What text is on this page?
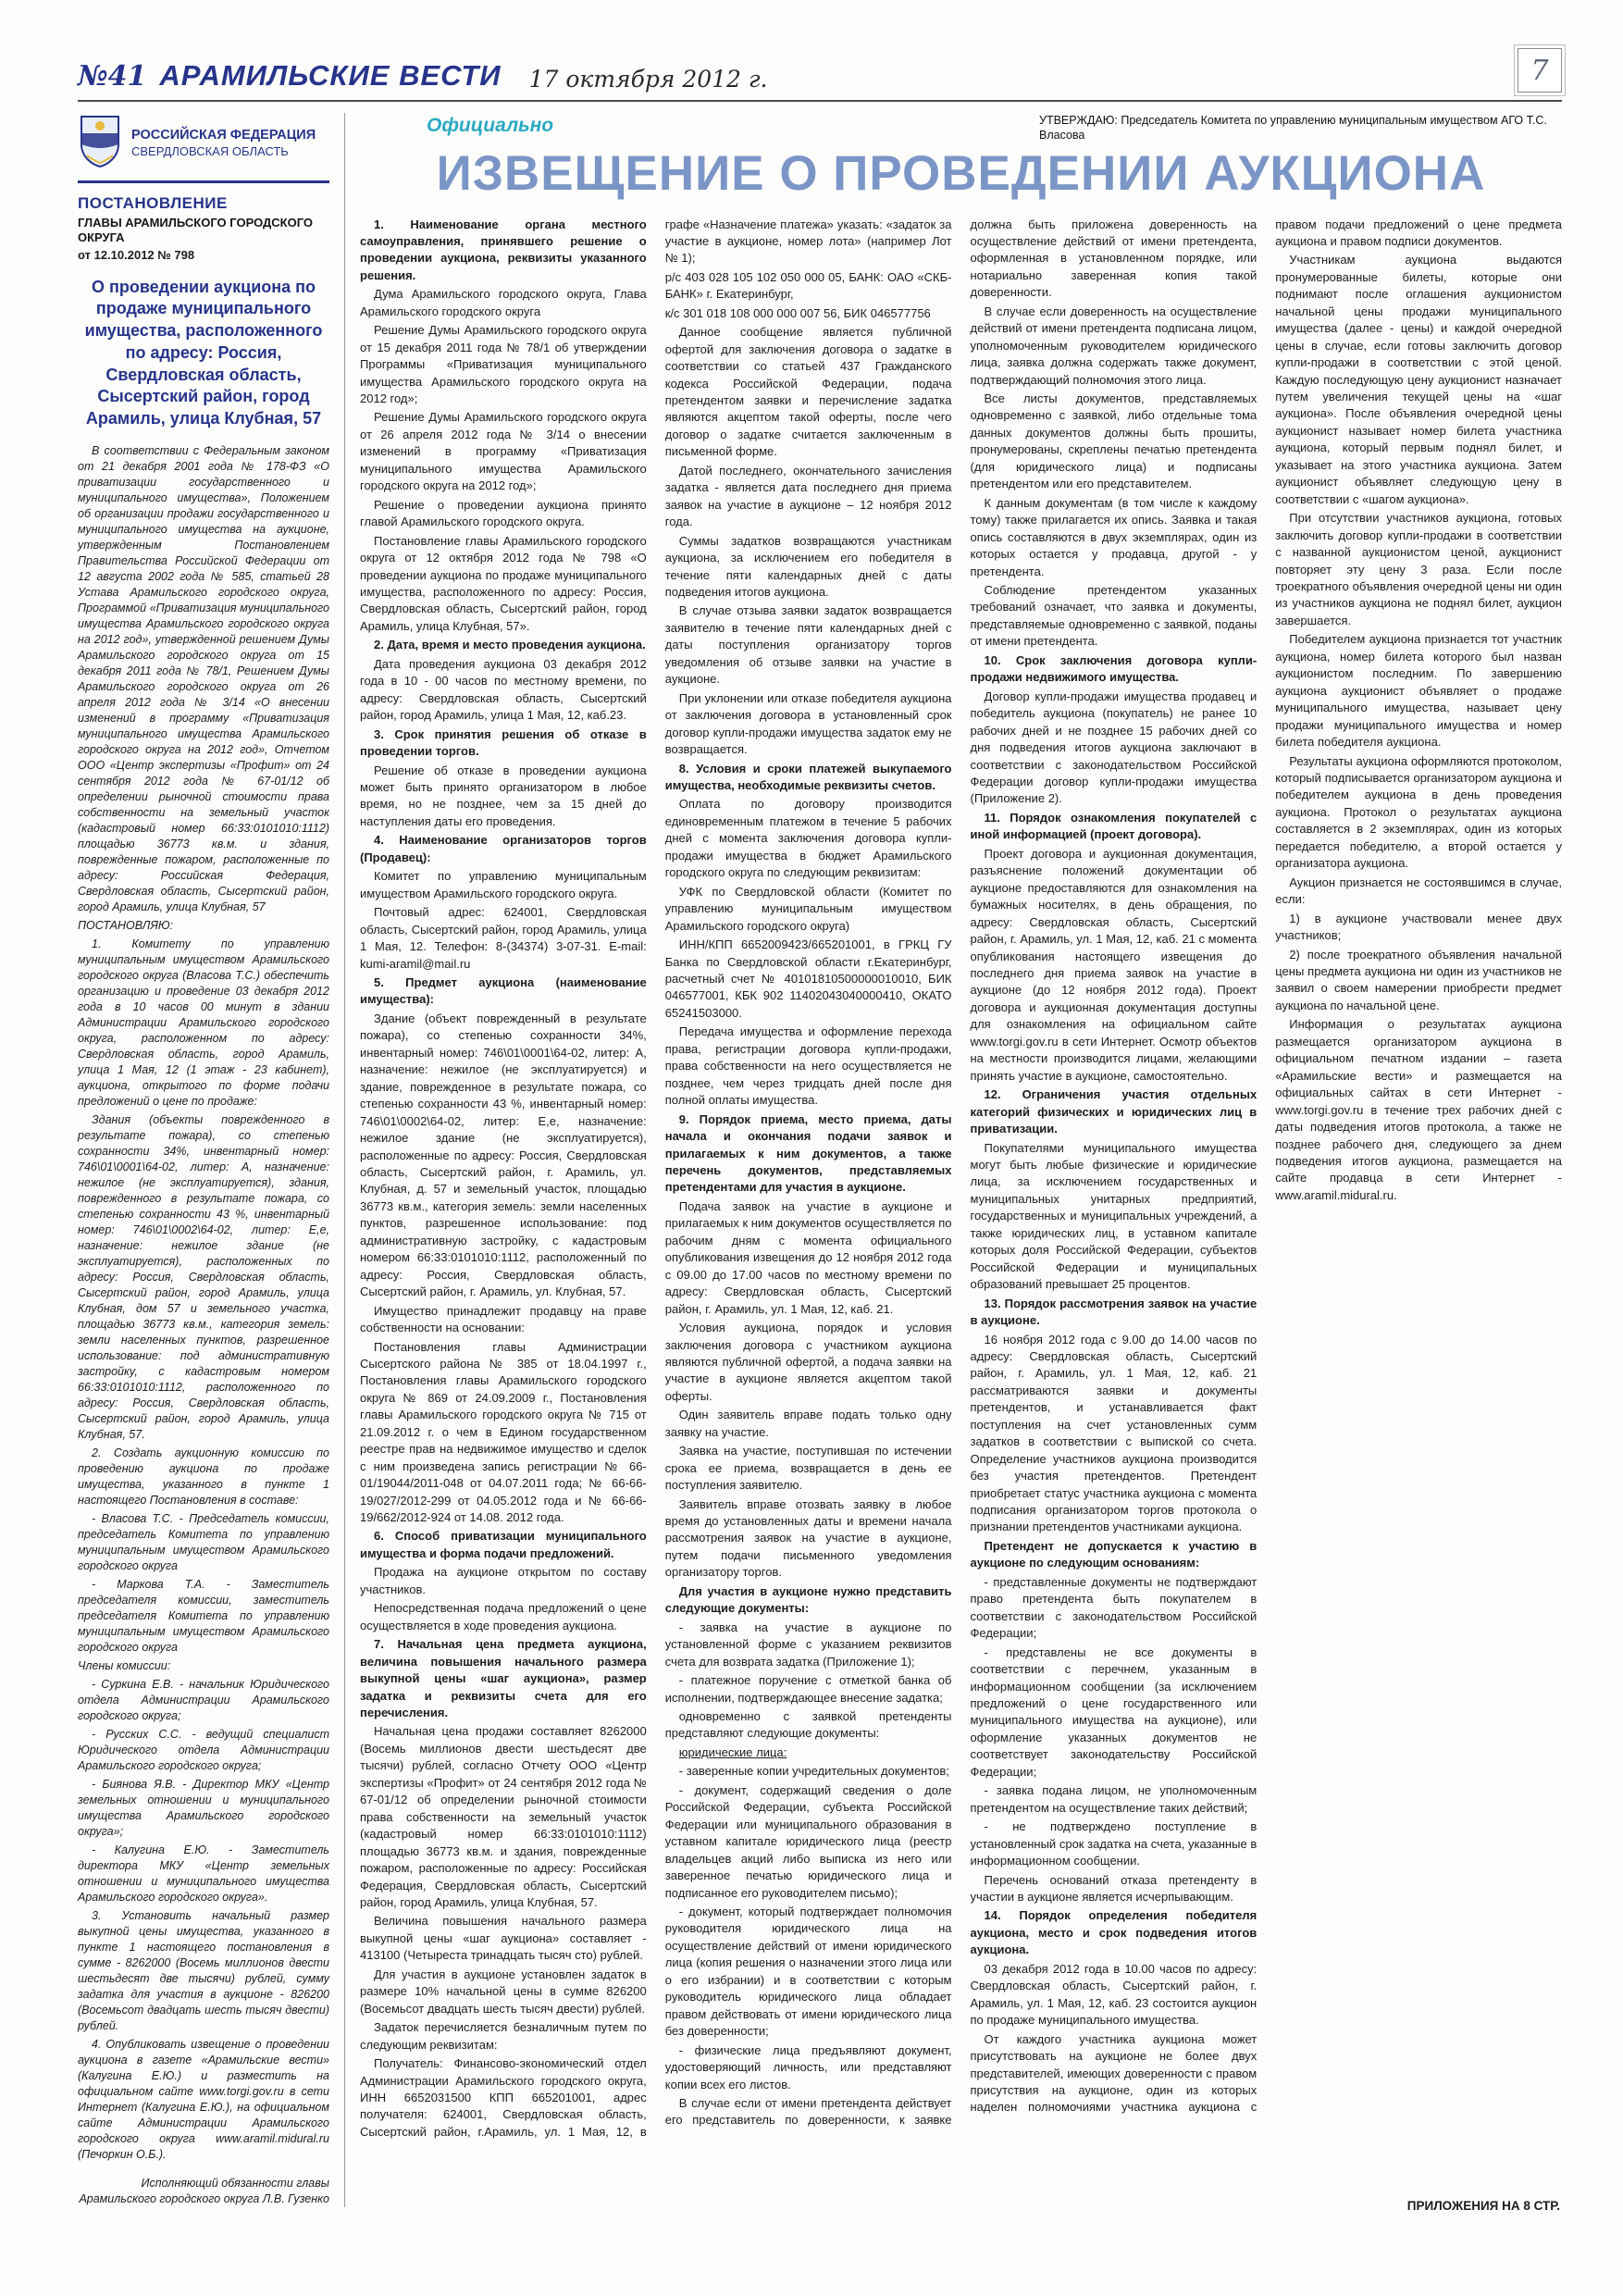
№41 АРАМИЛЬСКИЕ ВЕСТИ 17 октября 2012 г.	7
РОССИЙСКАЯ ФЕДЕРАЦИЯ
СВЕРДЛОВСКАЯ ОБЛАСТЬ
ПОСТАНОВЛЕНИЕ
ГЛАВЫ АРАМИЛЬСКОГО ГОРОДСКОГО ОКРУГА
от 12.10.2012 № 798
О проведении аукциона по продаже муниципального имущества, расположенного по адресу: Россия, Свердловская область, Сысертский район, город Арамиль, улица Клубная, 57

В соответствии с Федеральным законом от 21 декабря 2001 года № 178-ФЗ «О приватизации государственного и муниципального имущества», Положением об организации продажи государственного и муниципального имущества на аукционе, утвержденным Постановлением Правительства Российской Федерации от 12 августа 2002 года № 585, статьей 28 Устава Арамильского городского округа, Программой «Приватизация муниципального имущества Арамильского городского округа на 2012 год», утвержденной решением Думы Арамильского городского округа от 15 декабря 2011 года № 78/1, Решением Думы Арамильского городского округа от 26 апреля 2012 года № 3/14 «О внесении изменений в программу «Приватизация муниципального имущества Арамильского городского округа на 2012 год», Отчетом ООО «Центр экспертизы «Профит» от 24 сентября 2012 года № 67-01/12 об определении рыночной стоимости права собственности на земельный участок (кадастровый номер 66:33:0101010:1112) площадью 36773 кв.м. и здания, поврежденные пожаром, расположенные по адресу: Российская Федерация, Свердловская область, Сысертский район, город Арамиль, улица Клубная, 57

ПОСТАНОВЛЯЮ:

1. Комитету по управлению муниципальным имуществом Арамильского городского округа (Власова Т.С.) обеспечить организацию и проведение 03 декабря 2012 года в 10 часов 00 минут в здании Администрации Арамильского городского округа, расположенном по адресу: Свердловская область, город Арамиль, улица 1 Мая, 12 (1 этаж - 23 кабинет), аукциона, открытого по форме подачи предложений о цене по продаже:

Здания (объекты поврежденного в результате пожара), со степенью сохранности 34%, инвентарный номер: 746\01\0001\64-02, литер: А, назначение: нежилое (не эксплуатируется), здания, поврежденного в результате пожара, со степенью сохранности 43 %, инвентарный номер: 746\01\0002\64-02, литер: Е,е, назначение: нежилое здание (не эксплуатируется), расположенных по адресу: Россия, Свердловская область, Сысертский район, город Арамиль, улица Клубная, дом 57 и земельного участка, площадью 36773 кв.м., категория земель: земли населенных пунктов, разрешенное использование: под административную застройку, с кадастровым номером 66:33:0101010:1112, расположенного по адресу: Россия, Свердловская область, Сысертский район, город Арамиль, улица Клубная, 57.

2. Создать аукционную комиссию по проведению аукциона по продаже имущества, указанного в пункте 1 настоящего Постановления в составе:

- Власова Т.С. - Председатель комиссии, председатель Комитета по управлению муниципальным имуществом Арамильского городского округа

- Маркова Т.А. - Заместитель председателя комиссии, заместитель председателя Комитета по управлению муниципальным имуществом Арамильского городского округа

Члены комиссии:

- Суркина Е.В. - начальник Юридического отдела Администрации Арамильского городского округа;

- Русских С.С. - ведущий специалист Юридического отдела Администрации Арамильского городского округа;

- Биянова Я.В. - Директор МКУ «Центр земельных отношении и муниципального имущества Арамильского городского округа»;

- Калугина Е.Ю. - Заместитель директора МКУ «Центр земельных отношении и муниципального имущества Арамильского городского округа».

3. Установить начальный размер выкупной цены имущества, указанного в пункте 1 настоящего постановления в сумме - 8262000 (Восемь миллионов двести шестьдесят две тысячи) рублей, сумму задатка для участия в аукционе - 826200 (Восемьсот двадцать шесть тысяч двести) рублей.

4. Опубликовать извещение о проведении аукциона в газете «Арамильские вести» (Калугина Е.Ю.) и разместить на официальном сайте www.torgi.gov.ru в сети Интернет (Калугина Е.Ю.), на официальном сайте Администрации Арамильского городского округа www.aramil.midural.ru (Печоркин О.Б.).

Исполняющий обязанности главы Арамильского городского округа Л.В. Гузенко
Официально	УТВЕРЖДАЮ: Председатель Комитета по управлению муниципальным имуществом АГО Т.С. Власова
ИЗВЕЩЕНИЕ О ПРОВЕДЕНИИ АУКЦИОНА

1. Наименование органа местного самоуправления, принявшего решение о проведении аукциона, реквизиты указанного решения.

Дума Арамильского городского округа, Глава Арамильского городского округа

Решение Думы Арамильского городского округа от 15 декабря 2011 года № 78/1 об утверждении Программы «Приватизация муниципального имущества Арамильского городского округа на 2012 год»;

Решение Думы Арамильского городского округа от 26 апреля 2012 года № 3/14 о внесении изменений в программу «Приватизация муниципального имущества Арамильского городского округа на 2012 год»;

Решение о проведении аукциона принято главой Арамильского городского округа.

Постановление главы Арамильского городского округа от 12 октября 2012 года № 798 «О проведении аукциона по продаже муниципального имущества, расположенного по адресу: Россия, Свердловская область, Сысертский район, город Арамиль, улица Клубная, 57».

2. Дата, время и место проведения аукциона.

Дата проведения аукциона 03 декабря 2012 года в 10 - 00 часов по местному времени, по адресу: Свердловская область, Сысертский район, город Арамиль, улица 1 Мая, 12, каб.23.

3. Срок принятия решения об отказе в проведении торгов.

Решение об отказе в проведении аукциона может быть принято организатором в любое время, но не позднее, чем за 15 дней до наступления даты его проведения.

4. Наименование организаторов торгов (Продавец):

Комитет по управлению муниципальным имуществом Арамильского городского округа.

Почтовый адрес: 624001, Свердловская область, Сысертский район, город Арамиль, улица 1 Мая, 12. Телефон: 8-(34374) 3-07-31. E-mail: kumi-aramil@mail.ru

5. Предмет аукциона (наименование имущества):

Здание (объект поврежденный в результате пожара), со степенью сохранности 34%, инвентарный номер: 746\01\0001\64-02, литер: А, назначение: нежилое (не эксплуатируется) и здание, поврежденное в результате пожара, со степенью сохранности 43 %, инвентарный номер: 746\01\0002\64-02, литер: Е,е, назначение: нежилое здание (не эксплуатируется), расположенные по адресу: Россия, Свердловская область, Сысертский район, г. Арамиль, ул. Клубная, д. 57 и земельный участок, площадью 36773 кв.м., категория земель: земли населенных пунктов, разрешенное использование: под административную застройку, с кадастровым номером 66:33:0101010:1112, расположенный по адресу: Россия, Свердловская область, Сысертский район, г. Арамиль, ул. Клубная, 57.

Имущество принадлежит продавцу на праве собственности на основании:

Постановления главы Администрации Сысертского района № 385 от 18.04.1997 г., Постановления главы Арамильского городского округа № 869 от 24.09.2009 г., Постановления главы Арамильского городского округа № 715 от 21.09.2012 г. о чем в Едином государственном реестре прав на недвижимое имущество и сделок с ним произведена запись регистрации № 66-01/19044/2011-048 от 04.07.2011 года; № 66-66-19/027/2012-299 от 04.05.2012 года и № 66-66-19/662/2012-924 от 14.08. 2012 года.

6. Способ приватизации муниципального имущества и форма подачи предложений.

Продажа на аукционе открытом по составу участников.

Непосредственная подача предложений о цене осуществляется в ходе проведения аукциона.

7. Начальная цена предмета аукциона, величина повышения начального размера выкупной цены «шаг аукциона», размер задатка и реквизиты счета для его перечисления.

Начальная цена продажи составляет 8262000 (Восемь миллионов двести шестьдесят две тысячи) рублей, согласно Отчету ООО «Центр экспертизы «Профит» от 24 сентября 2012 года № 67-01/12 об определении рыночной стоимости права собственности на земельный участок (кадастровый номер 66:33:0101010:1112) площадью 36773 кв.м. и здания, поврежденные пожаром, расположенные по адресу: Российская Федерация, Свердловская область, Сысертский район, город Арамиль, улица Клубная, 57.

Величина повышения начального размера выкупной цены «шаг аукциона» составляет - 413100 (Четыреста тринадцать тысяч сто) рублей.

Для участия в аукционе установлен задаток в размере 10% начальной цены в сумме 826200 (Восемьсот двадцать шесть тысяч двести) рублей.

Задаток перечисляется безналичным путем по следующим реквизитам:

Получатель: Финансово-экономический отдел Администрации Арамильского городского округа, ИНН 6652031500 КПП 665201001, адрес получателя: 624001, Свердловская область, Сысертский район, г.Арамиль, ул. 1 Мая, 12, в графе «Назначение платежа» указать: «задаток за участие в аукционе, номер лота» (например Лот № 1);

р/с 403 028 105 102 050 000 05, БАНК: ОАО «СКБ-БАНК» г. Екатеринбург,

к/с 301 018 108 000 000 007 56, БИК 046577756

Данное сообщение является публичной офертой для заключения договора о задатке в соответствии со статьей 437 Гражданского кодекса Российской Федерации, подача претендентом заявки и перечисление задатка являются акцептом такой оферты, после чего договор о задатке считается заключенным в письменной форме.

Датой последнего, окончательного зачисления задатка - является дата последнего дня приема заявок на участие в аукционе – 12 ноября 2012 года.

Суммы задатков возвращаются участникам аукциона, за исключением его победителя в течение пяти календарных дней с даты подведения итогов аукциона.

В случае отзыва заявки задаток возвращается заявителю в течение пяти календарных дней с даты поступления организатору торгов уведомления об отзыве заявки на участие в аукционе.

При уклонении или отказе победителя аукциона от заключения договора в установленный срок договор купли-продажи имущества задаток ему не возвращается.

8. Условия и сроки платежей выкупаемого имущества, необходимые реквизиты счетов.

Оплата по договору производится единовременным платежом в течение 5 рабочих дней с момента заключения договора купли-продажи имущества в бюджет Арамильского городского округа по следующим реквизитам:

УФК по Свердловской области (Комитет по управлению муниципальным имуществом Арамильского городского округа)

ИНН/КПП 6652009423/665201001, в ГРКЦ ГУ Банка по Свердловской области г.Екатеринбург, расчетный счет № 40101810500000010010, БИК 046577001, КБК 902 11402043040000410, ОКАТО 65241503000.

Передача имущества и оформление перехода права, регистрации договора купли-продажи, права собственности на него осуществляется не позднее, чем через тридцать дней после дня полной оплаты имущества.

9. Порядок приема, место приема, даты начала и окончания подачи заявок и прилагаемых к ним документов, а также перечень документов, представляемых претендентами для участия в аукционе.

Подача заявок на участие в аукционе и прилагаемых к ним документов осуществляется по рабочим дням с момента официального опубликования извещения до 12 ноября 2012 года с 09.00 до 17.00 часов по местному времени по адресу: Свердловская область, Сысертский район, г. Арамиль, ул. 1 Мая, 12, каб. 21.

Условия аукциона, порядок и условия заключения договора с участником аукциона являются публичной офертой, а подача заявки на участие в аукционе является акцептом такой оферты.

Один заявитель вправе подать только одну заявку на участие.

Заявка на участие, поступившая по истечении срока ее приема, возвращается в день ее поступления заявителю.

Заявитель вправе отозвать заявку в любое время до установленных даты и времени начала рассмотрения заявок на участие в аукционе, путем подачи письменного уведомления организатору торгов.

Для участия в аукционе нужно представить следующие документы:

- заявка на участие в аукционе по установленной форме с указанием реквизитов счета для возврата задатка (Приложение 1);

- платежное поручение с отметкой банка об исполнении, подтверждающее внесение задатка;

одновременно с заявкой претенденты представляют следующие документы:

юридические лица:

- заверенные копии учредительных документов;

- документ, содержащий сведения о доле Российской Федерации, субъекта Российской Федерации или муниципального образования в уставном капитале юридического лица (реестр владельцев акций либо выписка из него или заверенное печатью юридического лица и подписанное его руководителем письмо);

- документ, который подтверждает полномочия руководителя юридического лица на осуществление действий от имени юридического лица (копия решения о назначении этого лица или о его избрании) и в соответствии с которым руководитель юридического лица обладает правом действовать от имени юридического лица без доверенности;

- физические лица предъявляют документ, удостоверяющий личность, или представляют копии всех его листов.

В случае если от имени претендента действует его представитель по доверенности, к заявке должна быть приложена доверенность на осуществление действий от имени претендента, оформленная в установленном порядке, или нотариально заверенная копия такой доверенности.

В случае если доверенность на осуществление действий от имени претендента подписана лицом, уполномоченным руководителем юридического лица, заявка должна содержать также документ, подтверждающий полномочия этого лица.

Все листы документов, представляемых одновременно с заявкой, либо отдельные тома данных документов должны быть прошиты, пронумерованы, скреплены печатью претендента (для юридического лица) и подписаны претендентом или его представителем.

К данным документам (в том числе к каждому тому) также прилагается их опись. Заявка и такая опись составляются в двух экземплярах, один из которых остается у продавца, другой - у претендента.

Соблюдение претендентом указанных требований означает, что заявка и документы, представляемые одновременно с заявкой, поданы от имени претендента.

10. Срок заключения договора купли-продажи недвижимого имущества.

Договор купли-продажи имущества продавец и победитель аукциона (покупатель) не ранее 10 рабочих дней и не позднее 15 рабочих дней со дня подведения итогов аукциона заключают в соответствии с законодательством Российской Федерации договор купли-продажи имущества (Приложение 2).

11. Порядок ознакомления покупателей с иной информацией (проект договора).

Проект договора и аукционная документация, разъяснение положений документации об аукционе предоставляются для ознакомления на бумажных носителях, в день обращения, по адресу: Свердловская область, Сысертский район, г. Арамиль, ул. 1 Мая, 12, каб. 21 с момента опубликования настоящего извещения до последнего дня приема заявок на участие в аукционе (до 12 ноября 2012 года). Проект договора и аукционная документация доступны для ознакомления на официальном сайте www.torgi.gov.ru в сети Интернет. Осмотр объектов на местности производится лицами, желающими принять участие в аукционе, самостоятельно.

12. Ограничения участия отдельных категорий физических и юридических лиц в приватизации.

Покупателями муниципального имущества могут быть любые физические и юридические лица, за исключением государственных и муниципальных унитарных предприятий, государственных и муниципальных учреждений, а также юридических лиц, в уставном капитале которых доля Российской Федерации, субъектов Российской Федерации и муниципальных образований превышает 25 процентов.

13. Порядок рассмотрения заявок на участие в аукционе.

16 ноября 2012 года с 9.00 до 14.00 часов по адресу: Свердловская область, Сысертский район, г. Арамиль, ул. 1 Мая, 12, каб. 21 рассматриваются заявки и документы претендентов, и устанавливается факт поступления на счет установленных сумм задатков в соответствии с выпиской со счета. Определение участников аукциона производится без участия претендентов. Претендент приобретает статус участника аукциона с момента подписания организатором торгов протокола о признании претендентов участниками аукциона.

Претендент не допускается к участию в аукционе по следующим основаниям:

- представленные документы не подтверждают право претендента быть покупателем в соответствии с законодательством Российской Федерации;

- представлены не все документы в соответствии с перечнем, указанным в информационном сообщении (за исключением предложений о цене государственного или муниципального имущества на аукционе), или оформление указанных документов не соответствует законодательству Российской Федерации;

- заявка подана лицом, не уполномоченным претендентом на осуществление таких действий;

- не подтверждено поступление в установленный срок задатка на счета, указанные в информационном сообщении.

Перечень оснований отказа претенденту в участии в аукционе является исчерпывающим.

14. Порядок определения победителя аукциона, место и срок подведения итогов аукциона.

03 декабря 2012 года в 10.00 часов по адресу: Свердловская область, Сысертский район, г. Арамиль, ул. 1 Мая, 12, каб. 23 состоится аукцион по продаже муниципального имущества.

От каждого участника аукциона может присутствовать на аукционе не более двух представителей, имеющих доверенности с правом присутствия на аукционе, один из которых наделен полномочиями участника аукциона с правом подачи предложений о цене предмета аукциона и правом подписи документов.

Участникам аукциона выдаются пронумерованные билеты, которые они поднимают после оглашения аукционистом начальной цены продажи муниципального имущества (далее - цены) и каждой очередной цены в случае, если готовы заключить договор купли-продажи в соответствии с этой ценой. Каждую последующую цену аукционист назначает путем увеличения текущей цены на «шаг аукциона». После объявления очередной цены аукционист называет номер билета участника аукциона, который первым поднял билет, и указывает на этого участника аукциона. Затем аукционист объявляет следующую цену в соответствии с «шагом аукциона».

При отсутствии участников аукциона, готовых заключить договор купли-продажи в соответствии с названной аукционистом ценой, аукционист повторяет эту цену 3 раза. Если после троекратного объявления очередной цены ни один из участников аукциона не поднял билет, аукцион завершается.

Победителем аукциона признается тот участник аукциона, номер билета которого был назван аукционистом последним. По завершению аукциона аукционист объявляет о продаже муниципального имущества, называет цену продажи муниципального имущества и номер билета победителя аукциона.

Результаты аукциона оформляются протоколом, который подписывается организатором аукциона и победителем аукциона в день проведения аукциона. Протокол о результатах аукциона составляется в 2 экземплярах, один из которых передается победителю, а второй остается у организатора аукциона.

Аукцион признается не состоявшимся в случае, если:

1) в аукционе участвовали менее двух участников;

2) после троекратного объявления начальной цены предмета аукциона ни один из участников не заявил о своем намерении приобрести предмет аукциона по начальной цене.

Информация о результатах аукциона размещается организатором аукциона в официальном печатном издании – газета «Арамильские вести» и размещается на официальных сайтах в сети Интернет - www.torgi.gov.ru в течение трех рабочих дней с даты подведения итогов протокола, а также не позднее рабочего дня, следующего за днем подведения итогов аукциона, размещается на сайте продавца в сети Интернет - www.aramil.midural.ru.

ПРИЛОЖЕНИЯ НА 8 СТР.
